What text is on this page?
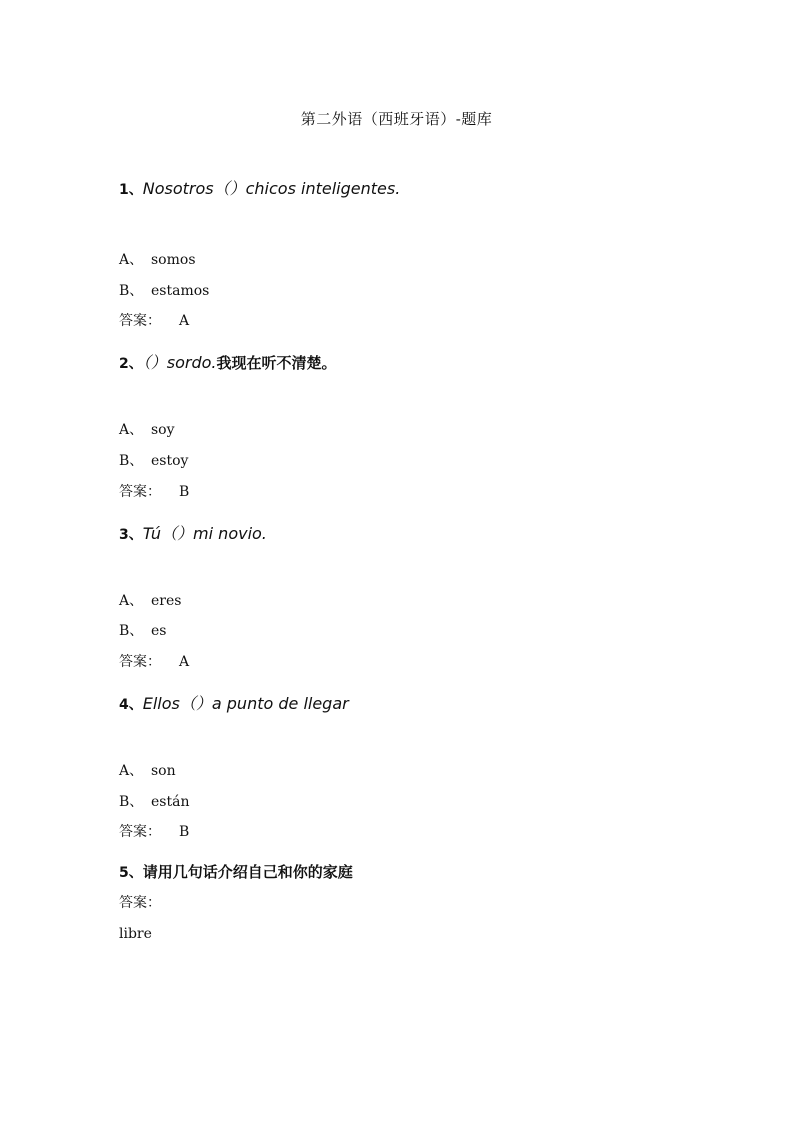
第二外语（西班牙语）-题库
1、Nosotros（）chicos inteligentes.
A、 somos
B、 estamos
答案： A
2、（）sordo.我现在听不清楚。
A、 soy
B、 estoy
答案： B
3、Tú（）mi novio.
A、 eres
B、 es
答案： A
4、Ellos（）a punto de llegar
A、 son
B、 están
答案： B
5、请用几句话介绍自己和你的家庭
答案：
libre
